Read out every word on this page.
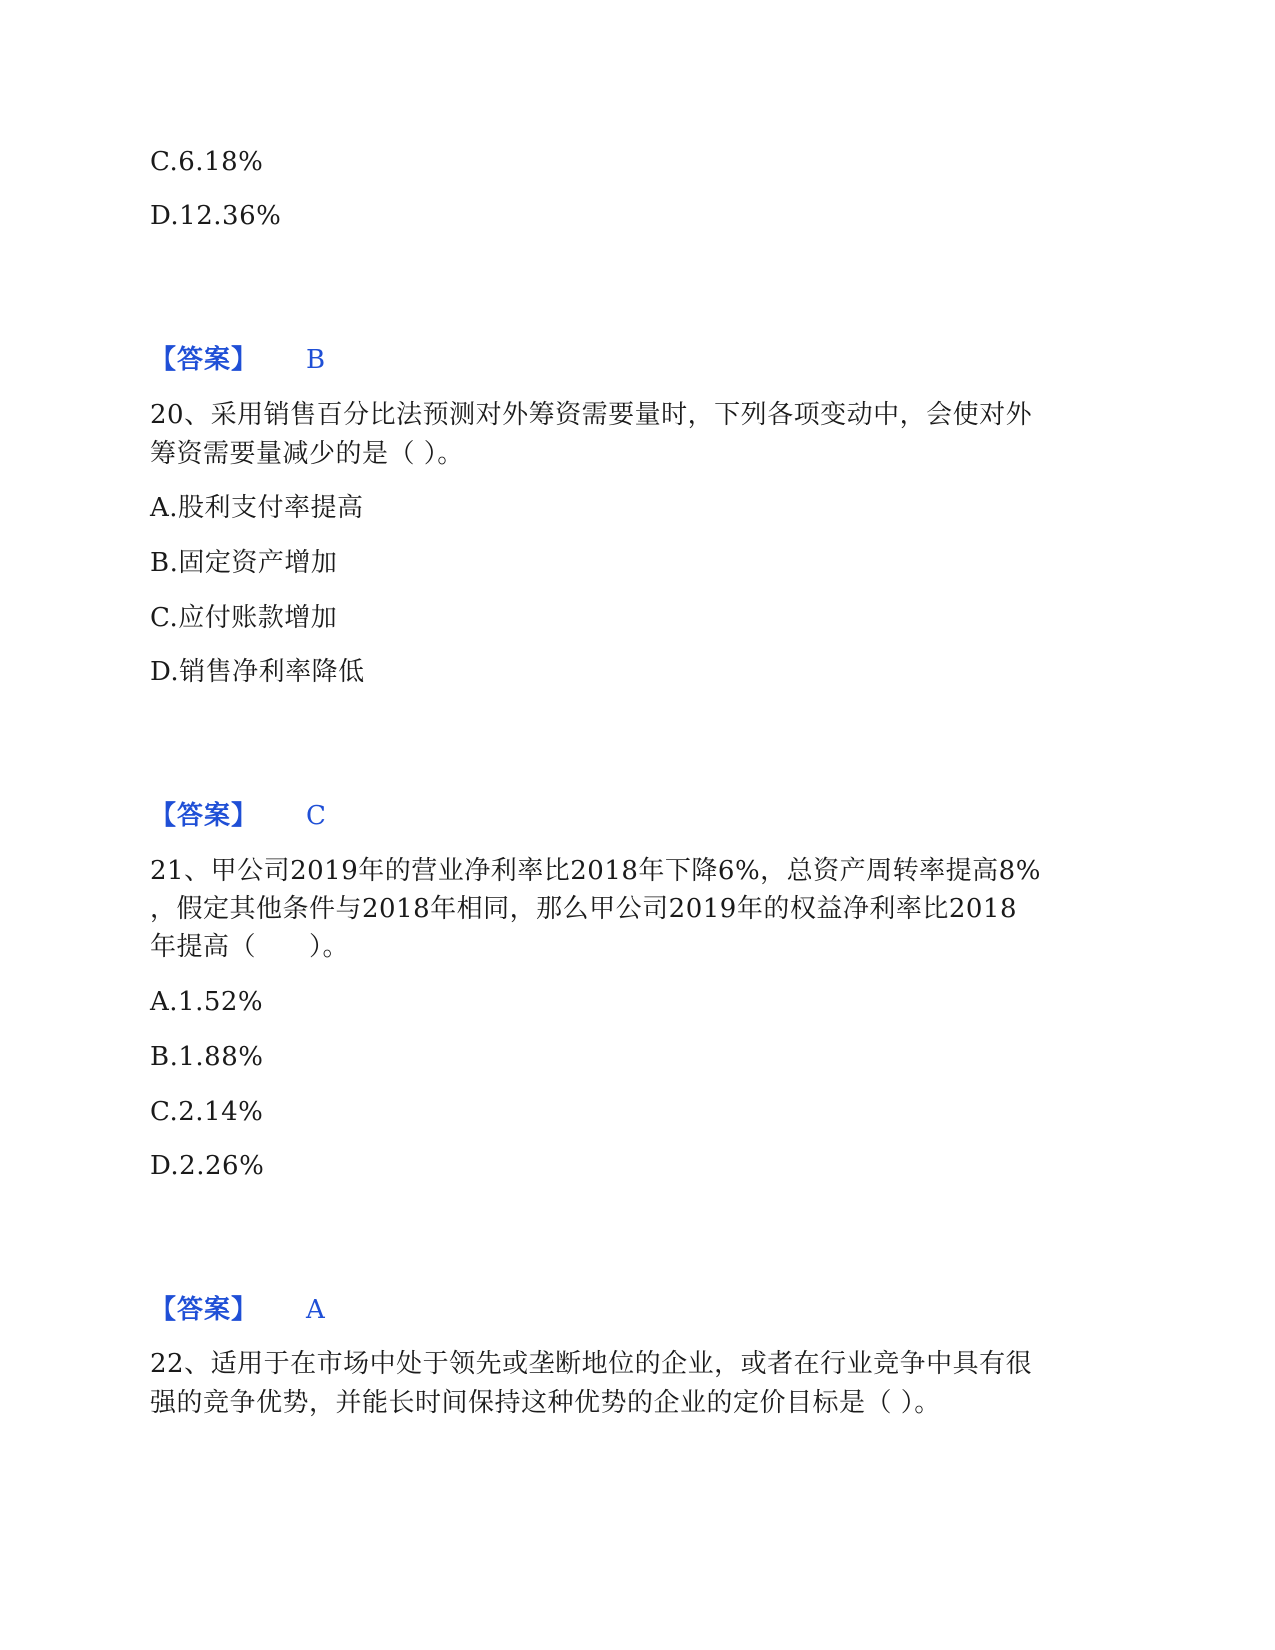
C.6.18%
D.12.36%
【答案】 B
20、采用销售百分比法预测对外筹资需要量时，下列各项变动中，会使对外
筹资需要量减少的是（ ）。
A.股利支付率提高
B.固定资产增加
C.应付账款增加
D.销售净利率降低
【答案】 C
21、甲公司2019年的营业净利率比2018年下降6%，总资产周转率提高8%
，假定其他条件与2018年相同，那么甲公司2019年的权益净利率比2018
年提高（　　）。
A.1.52%
B.1.88%
C.2.14%
D.2.26%
【答案】 A
22、适用于在市场中处于领先或垄断地位的企业，或者在行业竞争中具有很
强的竞争优势，并能长时间保持这种优势的企业的定价目标是（ ）。
